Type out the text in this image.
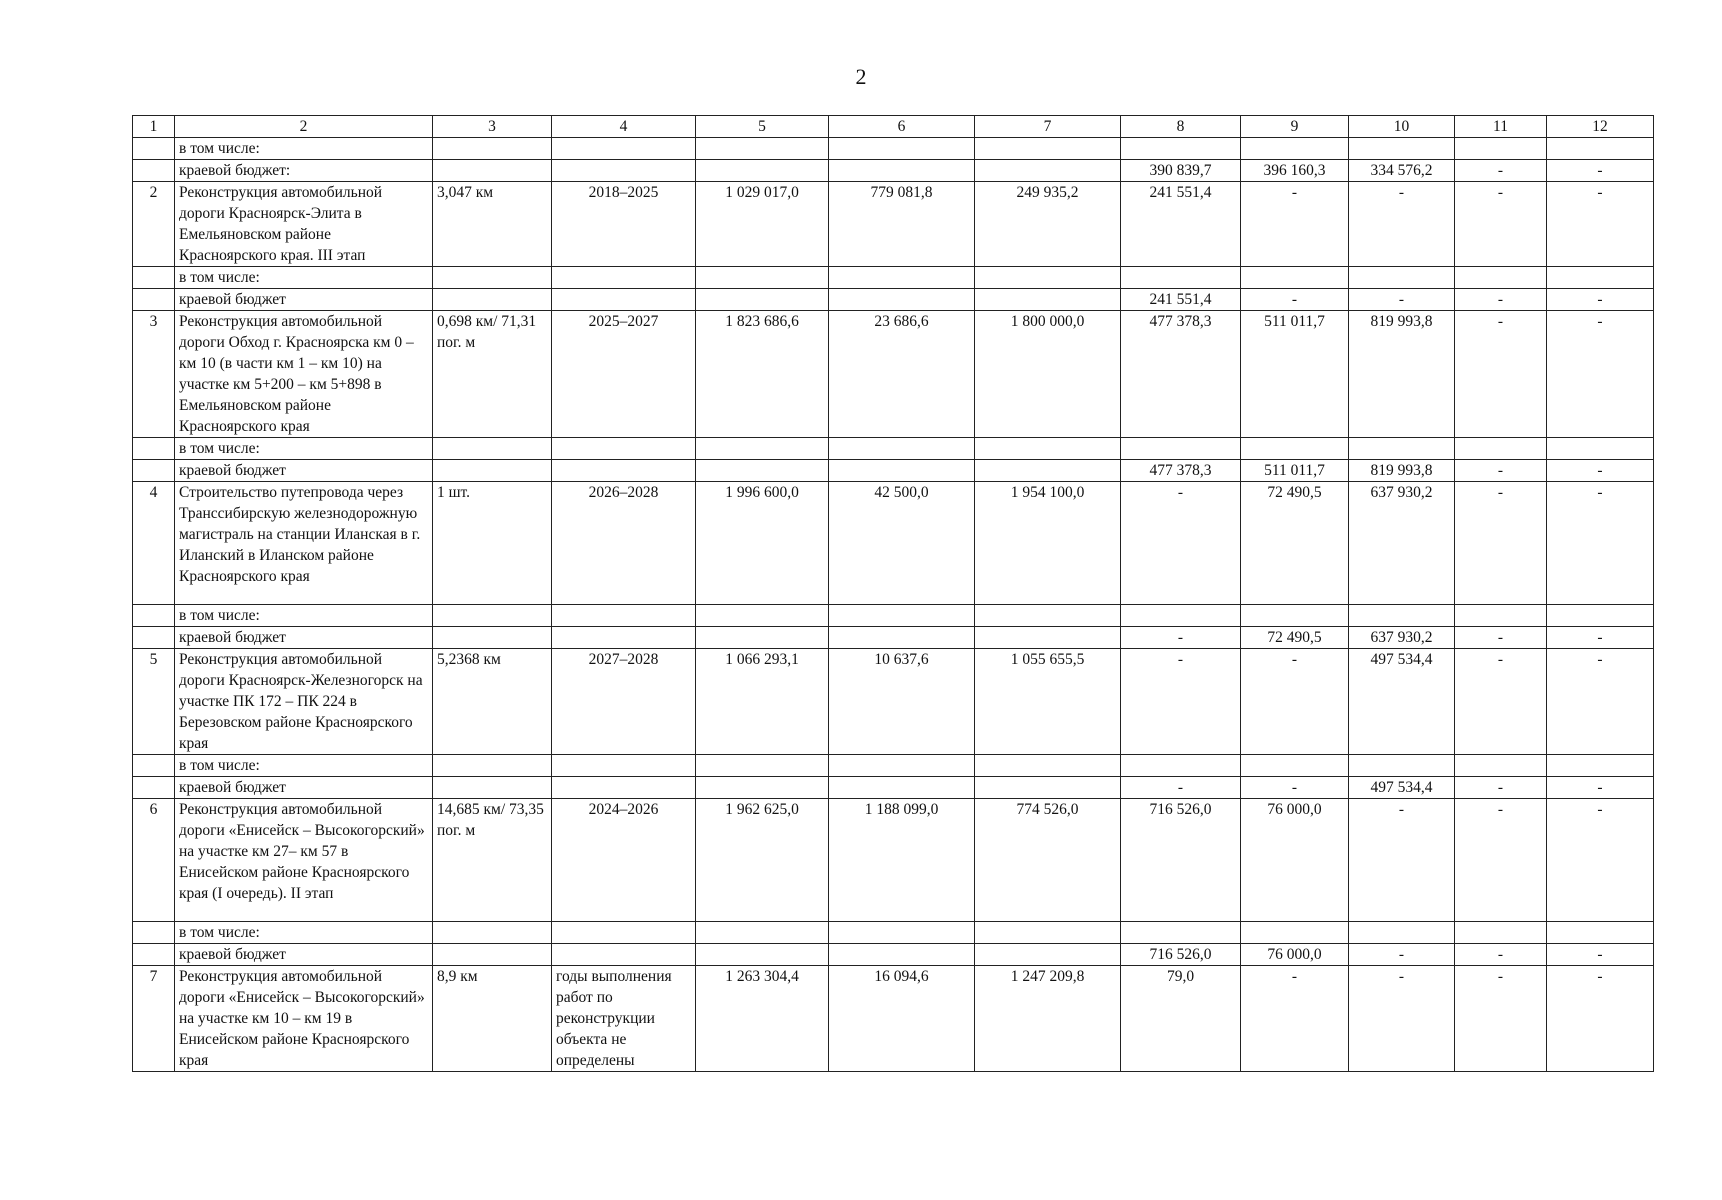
2
1	2	3	4	5	6	7	8	9	10	11	12
	в том числе:										
	краевой бюджет:						390 839,7	396 160,3	334 576,2	-	-
2	Реконструкция автомобильной дороги Красноярск-Элита в Емельяновском районе Красноярского края. III этап	3,047 км	2018–2025	1 029 017,0	779 081,8	249 935,2	241 551,4	-	-	-	-
	в том числе:										
	краевой бюджет						241 551,4	-	-	-	-
3	Реконструкция автомобильной дороги Обход г. Красноярска км 0 – км 10 (в части км 1 – км 10) на участке км 5+200 – км 5+898 в Емельяновском районе Красноярского края	0,698 км/ 71,31 пог. м	2025–2027	1 823 686,6	23 686,6	1 800 000,0	477 378,3	511 011,7	819 993,8	-	-
	в том числе:										
	краевой бюджет						477 378,3	511 011,7	819 993,8	-	-
4	Строительство путепровода через Транссибирскую железнодорожную магистраль на станции Иланская в г. Иланский в Иланском районе Красноярского края	1 шт.	2026–2028	1 996 600,0	42 500,0	1 954 100,0	-	72 490,5	637 930,2	-	-
	в том числе:										
	краевой бюджет						-	72 490,5	637 930,2	-	-
5	Реконструкция автомобильной дороги Красноярск-Железногорск на участке ПК 172 – ПК 224 в Березовском районе Красноярского края	5,2368 км	2027–2028	1 066 293,1	10 637,6	1 055 655,5	-	-	497 534,4	-	-
	в том числе:										
	краевой бюджет						-	-	497 534,4	-	-
6	Реконструкция автомобильной дороги «Енисейск – Высокогорский» на участке км 27– км 57 в Енисейском районе Красноярского края (I очередь). II этап	14,685 км/ 73,35 пог. м	2024–2026	1 962 625,0	1 188 099,0	774 526,0	716 526,0	76 000,0	-	-	-
	в том числе:										
	краевой бюджет						716 526,0	76 000,0	-	-	-
7	Реконструкция автомобильной дороги «Енисейск – Высокогорский» на участке км 10 – км 19 в Енисейском районе Красноярского края	8,9 км	годы выполнения работ по реконструкции объекта не определены	1 263 304,4	16 094,6	1 247 209,8	79,0	-	-	-	-
